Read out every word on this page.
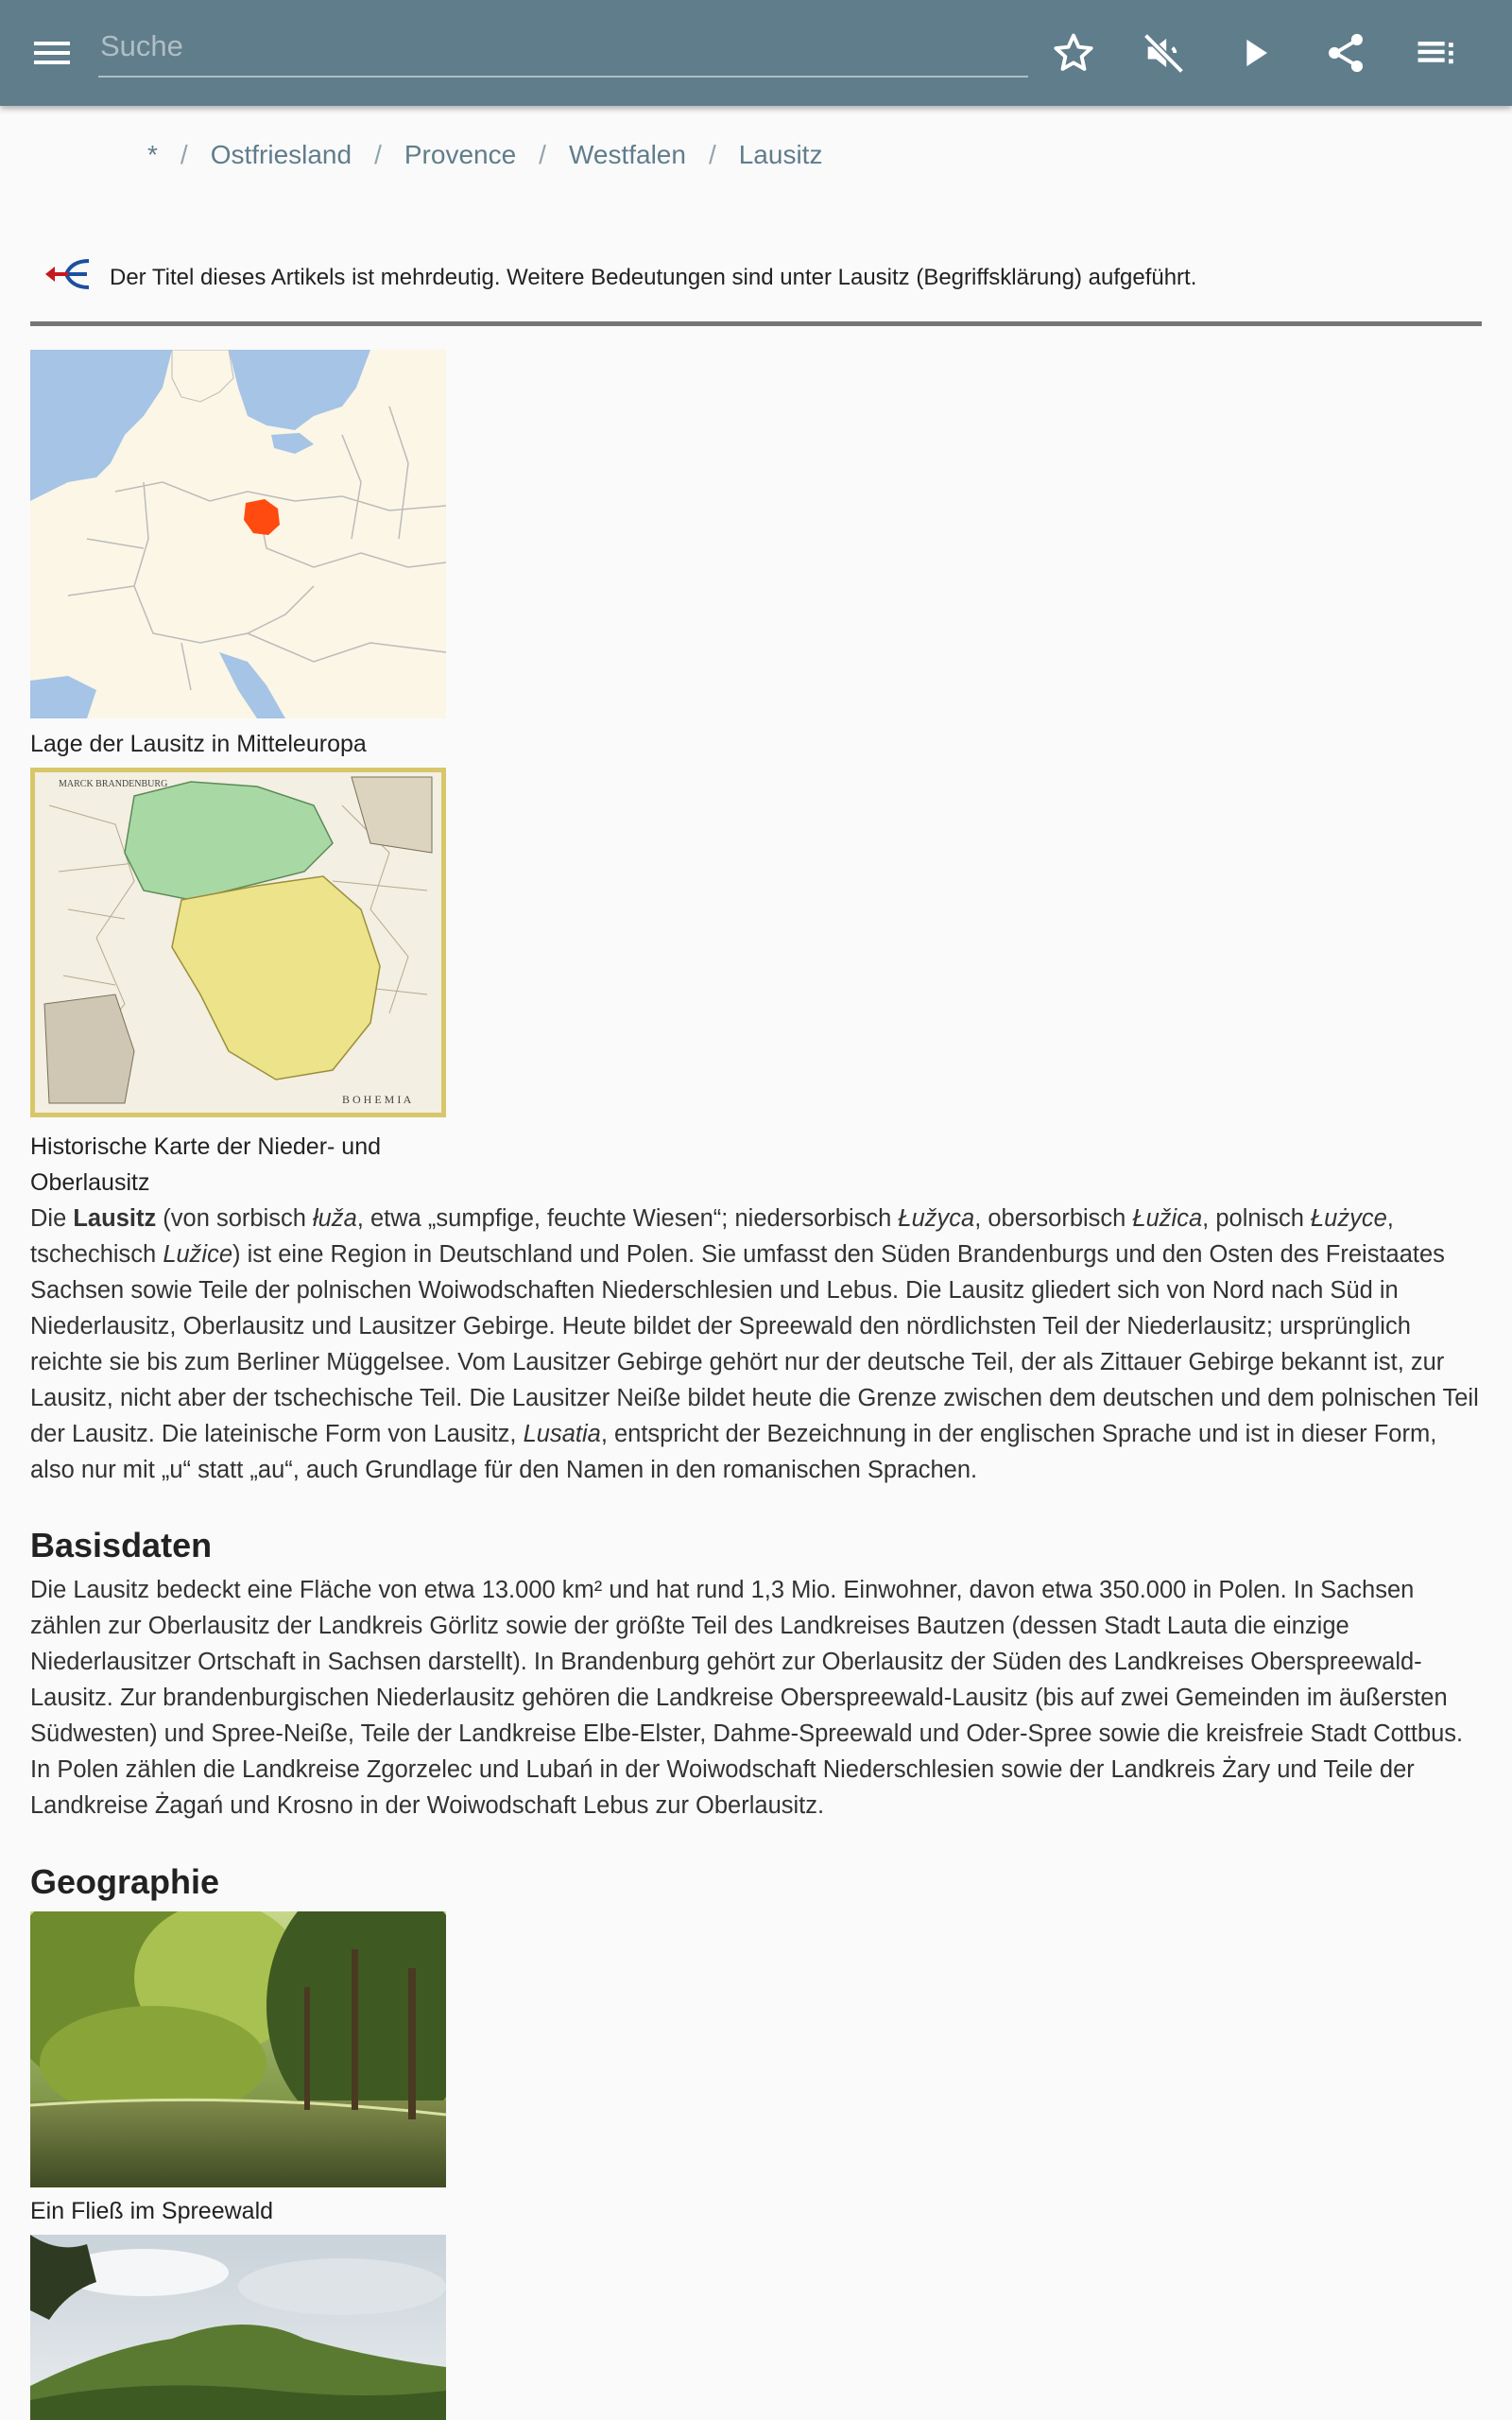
Suche
* / Ostfriesland / Provence / Westfalen / Lausitz
Der Titel dieses Artikels ist mehrdeutig. Weitere Bedeutungen sind unter Lausitz (Begriffsklärung) aufgeführt.
Lage der Lausitz in Mitteleuropa
MARCK BRANDENBURG
B O H E M I A
Historische Karte der Nieder- und
Oberlausitz

Die Lausitz (von sorbisch łuža, etwa „sumpfige, feuchte Wiesen“; niedersorbisch Łužyca, obersorbisch Łužica, polnisch Łużyce, tschechisch Lužice) ist eine Region in Deutschland und Polen. Sie umfasst den Süden Brandenburgs und den Osten des Freistaates Sachsen sowie Teile der polnischen Woiwodschaften Niederschlesien und Lebus. Die Lausitz gliedert sich von Nord nach Süd in Niederlausitz, Oberlausitz und Lausitzer Gebirge. Heute bildet der Spreewald den nördlichsten Teil der Niederlausitz; ursprünglich reichte sie bis zum Berliner Müggelsee. Vom Lausitzer Gebirge gehört nur der deutsche Teil, der als Zittauer Gebirge bekannt ist, zur Lausitz, nicht aber der tschechische Teil. Die Lausitzer Neiße bildet heute die Grenze zwischen dem deutschen und dem polnischen Teil der Lausitz. Die lateinische Form von Lausitz, Lusatia, entspricht der Bezeichnung in der englischen Sprache und ist in dieser Form, also nur mit „u“ statt „au“, auch Grundlage für den Namen in den romanischen Sprachen.

Basisdaten

Die Lausitz bedeckt eine Fläche von etwa 13.000 km² und hat rund 1,3 Mio. Einwohner, davon etwa 350.000 in Polen. In Sachsen zählen zur Oberlausitz der Landkreis Görlitz sowie der größte Teil des Landkreises Bautzen (dessen Stadt Lauta die einzige Niederlausitzer Ortschaft in Sachsen darstellt). In Brandenburg gehört zur Oberlausitz der Süden des Landkreises Oberspreewald-Lausitz. Zur brandenburgischen Niederlausitz gehören die Landkreise Oberspreewald-Lausitz (bis auf zwei Gemeinden im äußersten Südwesten) und Spree-Neiße, Teile der Landkreise Elbe-Elster, Dahme-Spreewald und Oder-Spree sowie die kreisfreie Stadt Cottbus. In Polen zählen die Landkreise Zgorzelec und Lubań in der Woiwodschaft Niederschlesien sowie der Landkreis Żary und Teile der Landkreise Żagań und Krosno in der Woiwodschaft Lebus zur Oberlausitz.

Geographie
Ein Fließ im Spreewald
